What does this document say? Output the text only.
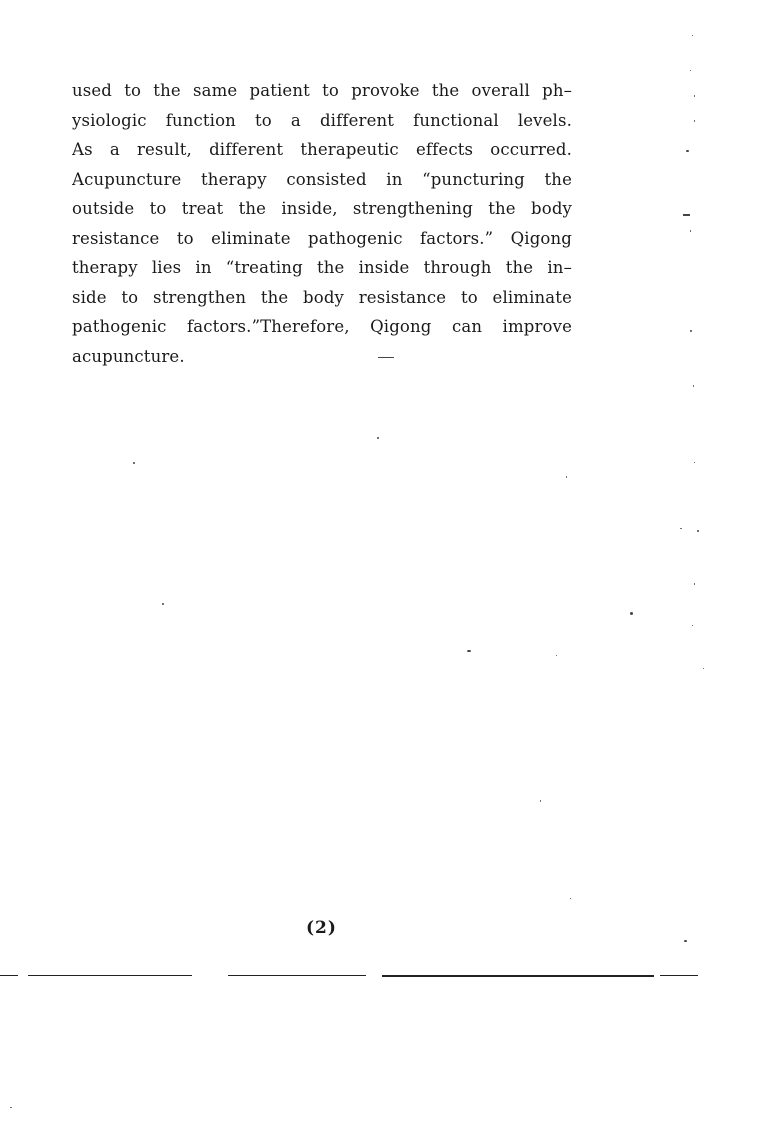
used to the same patient to provoke the overall ph–
ysiologic function to a different functional levels.
As a result, different therapeutic effects occurred.
Acupuncture therapy consisted in “puncturing the
outside to treat the inside, strengthening the body
resistance to eliminate pathogenic factors.” Qigong
therapy lies in “treating the inside through the in–
side to strengthen the body resistance to eliminate
pathogenic factors.”Therefore, Qigong can improve
acupuncture.
(2)
